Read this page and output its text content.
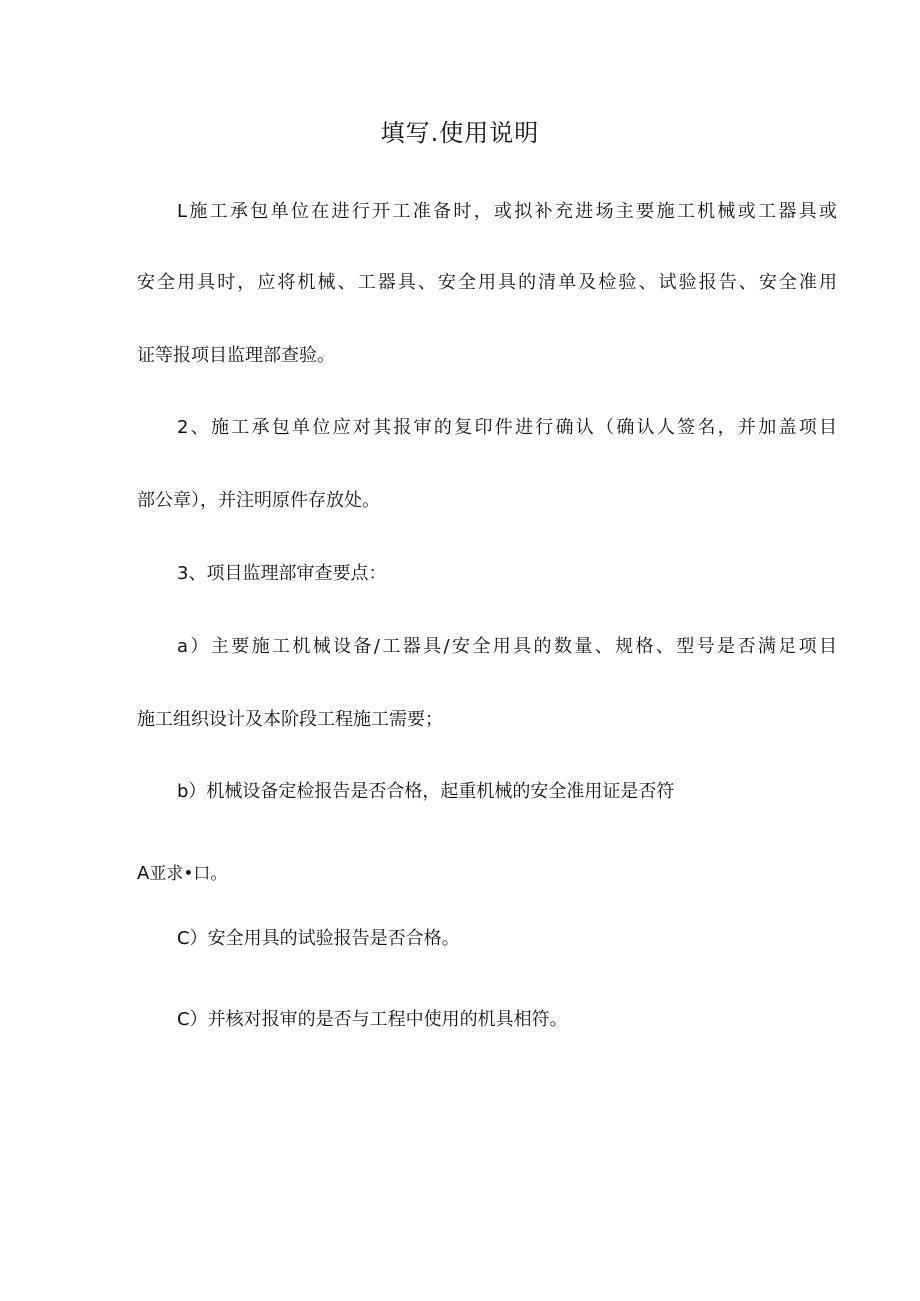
填写.使用说明
L施工承包单位在进行开工准备时，或拟补充进场主要施工机械或工器具或
安全用具时，应将机械、工器具、安全用具的清单及检验、试验报告、安全准用
证等报项目监理部查验。
2、施工承包单位应对其报审的复印件进行确认（确认人签名，并加盖项目
部公章），并注明原件存放处。
3、项目监理部审查要点：
a）主要施工机械设备/工器具/安全用具的数量、规格、型号是否满足项目
施工组织设计及本阶段工程施工需要；
b）机械设备定检报告是否合格，起重机械的安全准用证是否符
A亚求•口。
C）安全用具的试验报告是否合格。
C）并核对报审的是否与工程中使用的机具相符。
